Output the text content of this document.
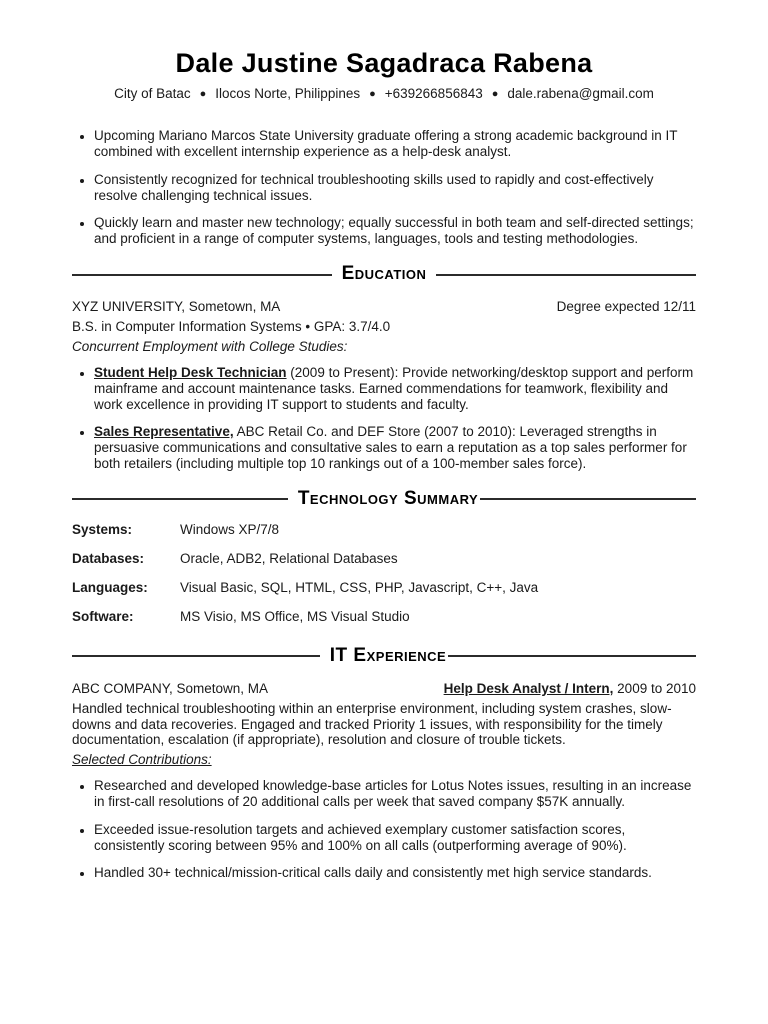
Dale Justine Sagadraca Rabena
City of Batac ● Ilocos Norte, Philippines ● +639266856843 ● dale.rabena@gmail.com
• Upcoming Mariano Marcos State University graduate offering a strong academic background in IT combined with excellent internship experience as a help-desk analyst.
• Consistently recognized for technical troubleshooting skills used to rapidly and cost-effectively resolve challenging technical issues.
• Quickly learn and master new technology; equally successful in both team and self-directed settings; and proficient in a range of computer systems, languages, tools and testing methodologies.
Education
XYZ UNIVERSITY, Sometown, MA	Degree expected 12/11
B.S. in Computer Information Systems • GPA: 3.7/4.0
Concurrent Employment with College Studies:
• Student Help Desk Technician (2009 to Present): Provide networking/desktop support and perform mainframe and account maintenance tasks. Earned commendations for teamwork, flexibility and work excellence in providing IT support to students and faculty.
• Sales Representative, ABC Retail Co. and DEF Store (2007 to 2010): Leveraged strengths in persuasive communications and consultative sales to earn a reputation as a top sales performer for both retailers (including multiple top 10 rankings out of a 100-member sales force).
Technology Summary
Systems:	Windows XP/7/8
Databases:	Oracle, ADB2, Relational Databases
Languages:	Visual Basic, SQL, HTML, CSS, PHP, Javascript, C++, Java
Software:	MS Visio, MS Office, MS Visual Studio
IT Experience
ABC COMPANY, Sometown, MA	Help Desk Analyst / Intern, 2009 to 2010
Handled technical troubleshooting within an enterprise environment, including system crashes, slow-downs and data recoveries. Engaged and tracked Priority 1 issues, with responsibility for the timely documentation, escalation (if appropriate), resolution and closure of trouble tickets.
Selected Contributions:
• Researched and developed knowledge-base articles for Lotus Notes issues, resulting in an increase in first-call resolutions of 20 additional calls per week that saved company $57K annually.
• Exceeded issue-resolution targets and achieved exemplary customer satisfaction scores, consistently scoring between 95% and 100% on all calls (outperforming average of 90%).
• Handled 30+ technical/mission-critical calls daily and consistently met high service standards.
